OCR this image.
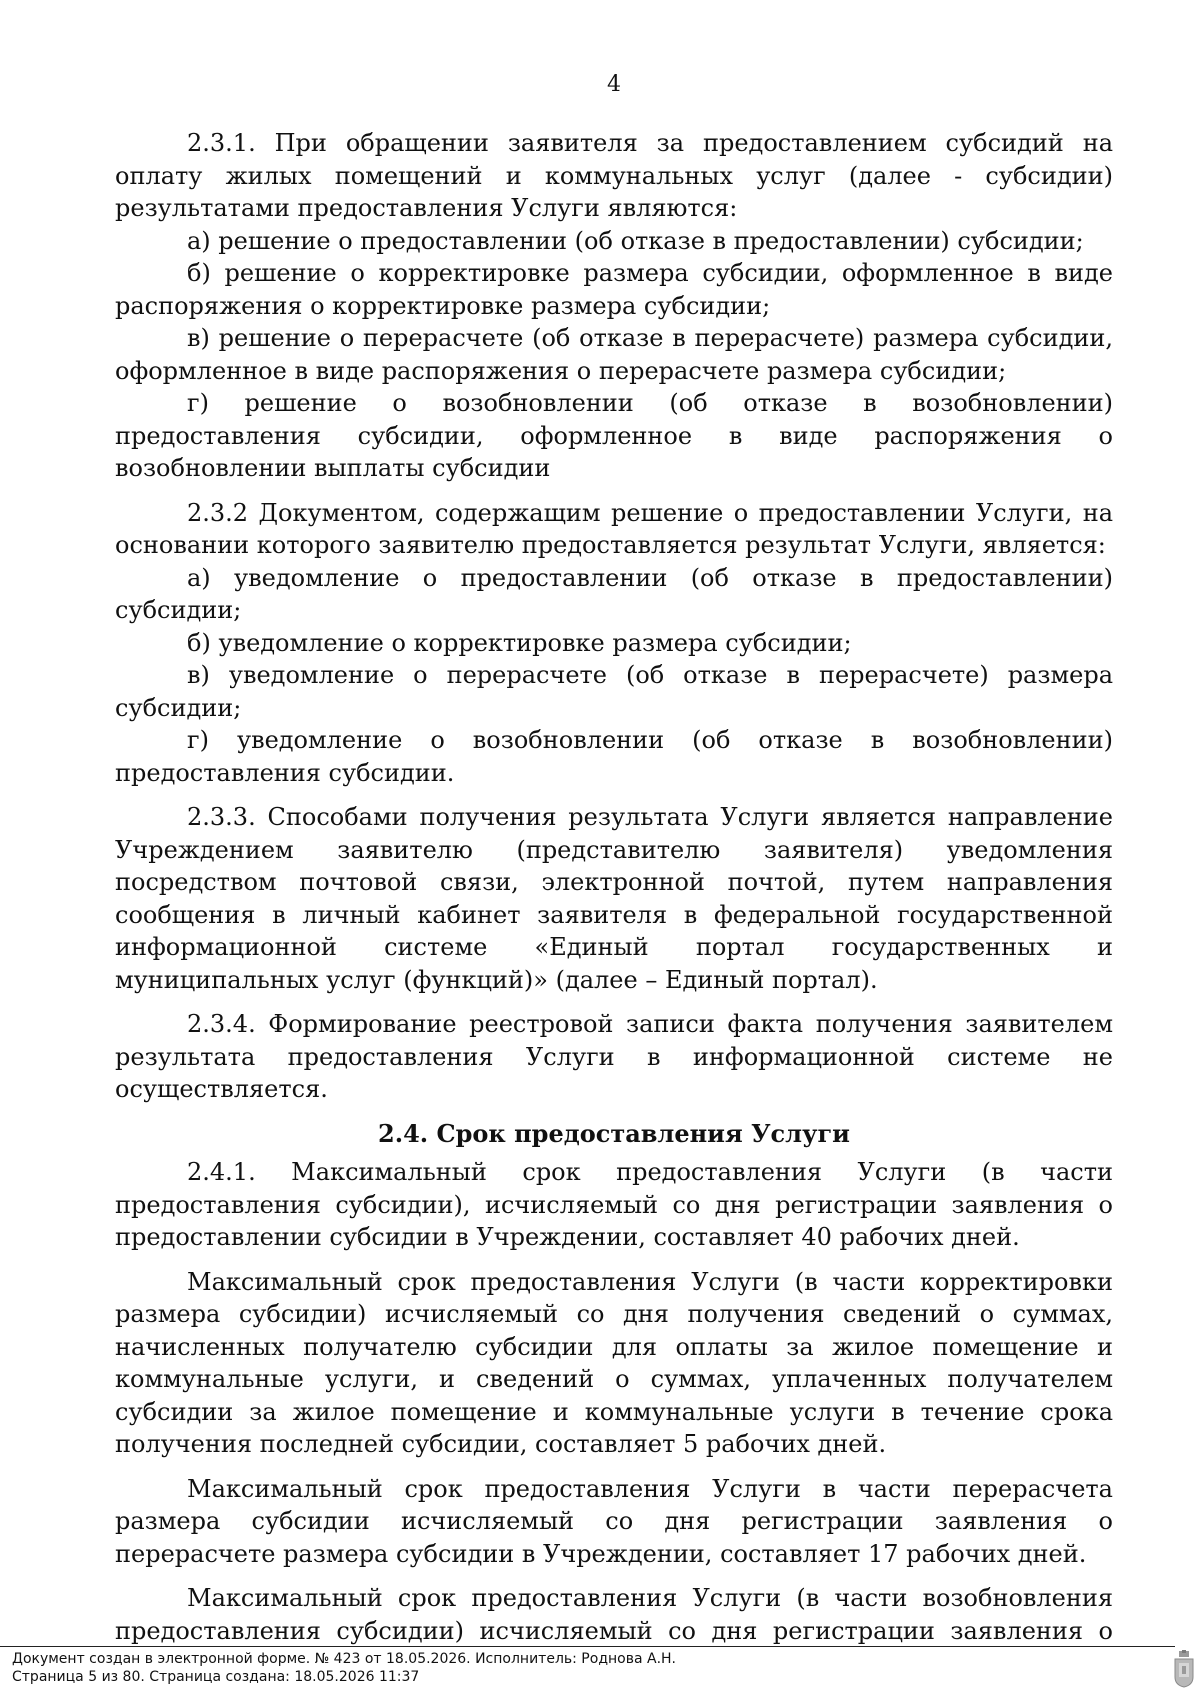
4

2.3.1. При обращении заявителя за предоставлением субсидий на оплату жилых помещений и коммунальных услуг (далее - субсидии) результатами предоставления Услуги являются:

а) решение о предоставлении (об отказе в предоставлении) субсидии;

б) решение о корректировке размера субсидии, оформленное в виде распоряжения о корректировке размера субсидии;

в) решение о перерасчете (об отказе в перерасчете) размера субсидии, оформленное в виде распоряжения о перерасчете размера субсидии;

г) решение о возобновлении (об отказе в возобновлении) предоставления субсидии, оформленное в виде распоряжения о возобновлении выплаты субсидии

2.3.2 Документом, содержащим решение о предоставлении Услуги, на основании которого заявителю предоставляется результат Услуги, является:

а) уведомление о предоставлении (об отказе в предоставлении) субсидии;

б) уведомление о корректировке размера субсидии;

в) уведомление о перерасчете (об отказе в перерасчете) размера субсидии;

г) уведомление о возобновлении (об отказе в возобновлении) предоставления субсидии.

2.3.3. Способами получения результата Услуги является направление Учреждением заявителю (представителю заявителя) уведомления посредством почтовой связи, электронной почтой, путем направления сообщения в личный кабинет заявителя в федеральной государственной информационной системе «Единый портал государственных и муниципальных услуг (функций)» (далее – Единый портал).

2.3.4. Формирование реестровой записи факта получения заявителем результата предоставления Услуги в информационной системе не осуществляется.

2.4. Срок предоставления Услуги

2.4.1. Максимальный срок предоставления Услуги (в части предоставления субсидии), исчисляемый со дня регистрации заявления о предоставлении субсидии в Учреждении, составляет 40 рабочих дней.

Максимальный срок предоставления Услуги (в части корректировки размера субсидии) исчисляемый со дня получения сведений о суммах, начисленных получателю субсидии для оплаты за жилое помещение и коммунальные услуги, и сведений о суммах, уплаченных получателем субсидии за жилое помещение и коммунальные услуги в течение срока получения последней субсидии, составляет 5 рабочих дней.

Максимальный срок предоставления Услуги в части перерасчета размера субсидии исчисляемый со дня регистрации заявления о перерасчете размера субсидии в Учреждении, составляет 17 рабочих дней.

Максимальный срок предоставления Услуги (в части возобновления предоставления субсидии) исчисляемый со дня регистрации заявления о

Документ создан в электронной форме. № 423 от 18.05.2026. Исполнитель: Роднова А.Н.
Страница 5 из 80. Страница создана: 18.05.2026 11:37
